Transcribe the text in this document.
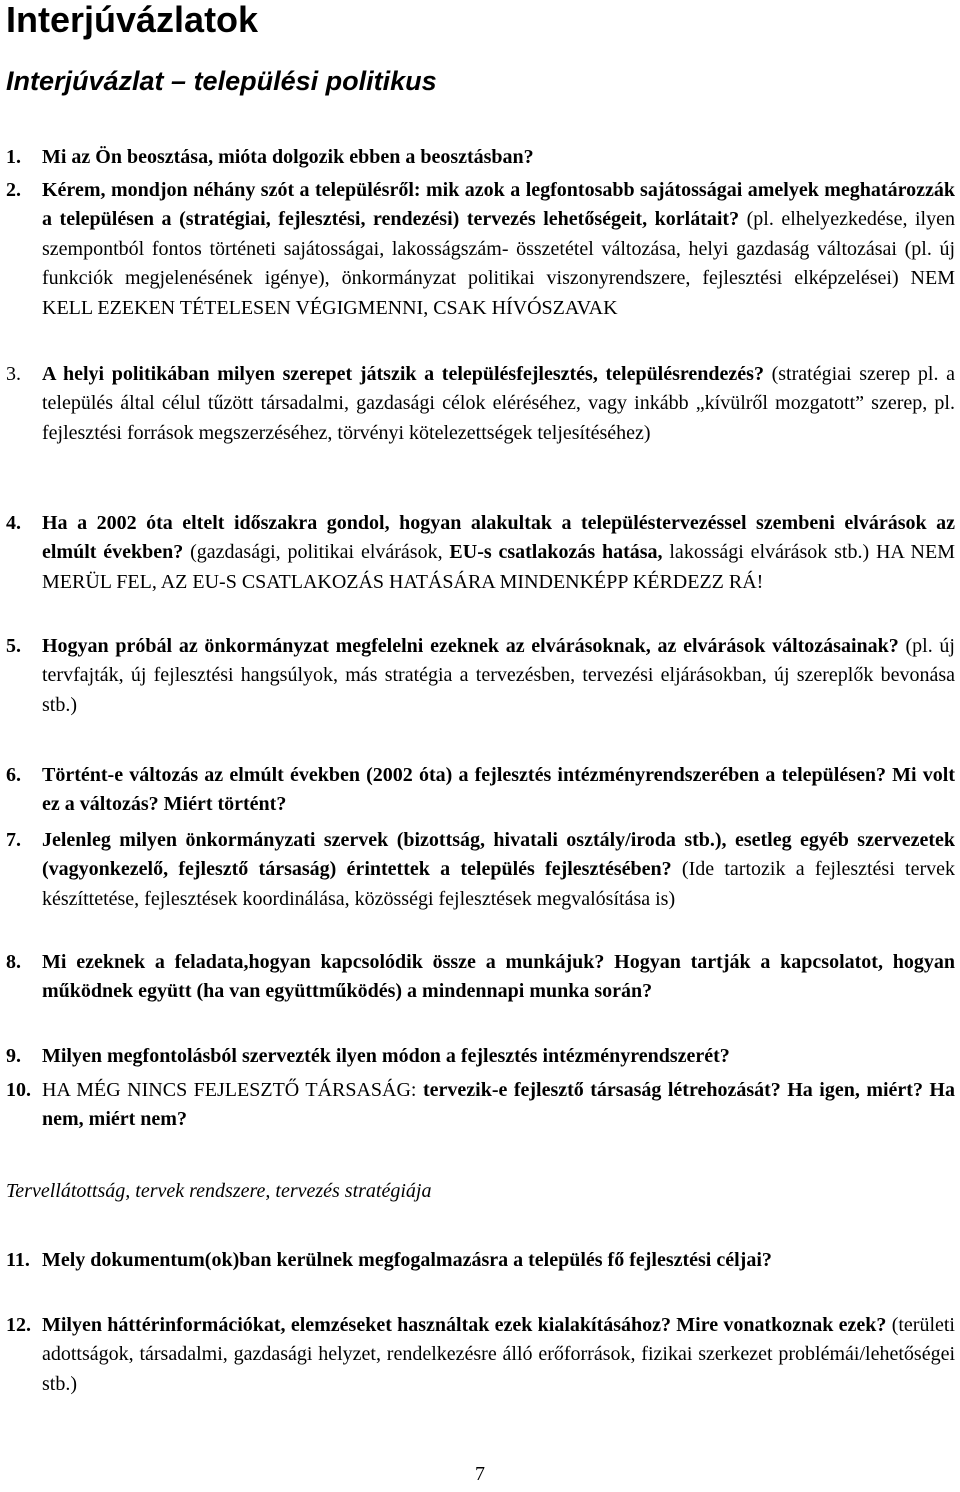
Interjúvázlatok
Interjúvázlat – települési politikus
1. Mi az Ön beosztása, mióta dolgozik ebben a beosztásban?
2. Kérem, mondjon néhány szót a településről: mik azok a legfontosabb sajátosságai amelyek meghatározzák a településen a (stratégiai, fejlesztési, rendezési) tervezés lehetőségeit, korlátait? (pl. elhelyezkedése, ilyen szempontból fontos történeti sajátosságai, lakosságszám- összetétel változása, helyi gazdaság változásai (pl. új funkciók megjelenésének igénye), önkormányzat politikai viszonyrendszere, fejlesztési elképzelései) NEM KELL EZEKEN TÉTELESEN VÉGIGMENNI, CSAK HÍVÓSZAVAK
3. A helyi politikában milyen szerepet játszik a településfejlesztés, településrendezés? (stratégiai szerep pl. a település által célul tűzött társadalmi, gazdasági célok eléréséhez, vagy inkább „kívülről mozgatott” szerep, pl. fejlesztési források megszerzéséhez, törvényi kötelezettségek teljesítéséhez)
4. Ha a 2002 óta eltelt időszakra gondol, hogyan alakultak a településtervezéssel szembeni elvárások az elmúlt években? (gazdasági, politikai elvárások, EU-s csatlakozás hatása, lakossági elvárások stb.) HA NEM MERÜL FEL, AZ EU-S CSATLAKOZÁS HATÁSÁRA MINDENKÉPP KÉRDEZZ RÁ!
5. Hogyan próbál az önkormányzat megfelelni ezeknek az elvárásoknak, az elvárások változásainak? (pl. új tervfajták, új fejlesztési hangsúlyok, más stratégia a tervezésben, tervezési eljárásokban, új szereplők bevonása stb.)
6. Történt-e változás az elmúlt években (2002 óta) a fejlesztés intézményrendszerében a településen? Mi volt ez a változás? Miért történt?
7. Jelenleg milyen önkormányzati szervek (bizottság, hivatali osztály/iroda stb.), esetleg egyéb szervezetek (vagyonkezelő, fejlesztő társaság) érintettek a település fejlesztésében? (Ide tartozik a fejlesztési tervek készíttetése, fejlesztések koordinálása, közösségi fejlesztések megvalósítása is)
8. Mi ezeknek a feladata,hogyan kapcsolódik össze a munkájuk? Hogyan tartják a kapcsolatot, hogyan működnek együtt (ha van együttműködés) a mindennapi munka során?
9. Milyen megfontolásból szervezték ilyen módon a fejlesztés intézményrendszerét?
10. HA MÉG NINCS FEJLESZTŐ TÁRSASÁG: tervezik-e fejlesztő társaság létrehozását? Ha igen, miért? Ha nem, miért nem?
Tervellátottság, tervek rendszere, tervezés stratégiája
11. Mely dokumentum(ok)ban kerülnek megfogalmazásra a település fő fejlesztési céljai?
12. Milyen háttérinformációkat, elemzéseket használtak ezek kialakításához? Mire vonatkoznak ezek? (területi adottságok, társadalmi, gazdasági helyzet, rendelkezésre álló erőforrások, fizikai szerkezet problémái/lehetőségei stb.)
7
